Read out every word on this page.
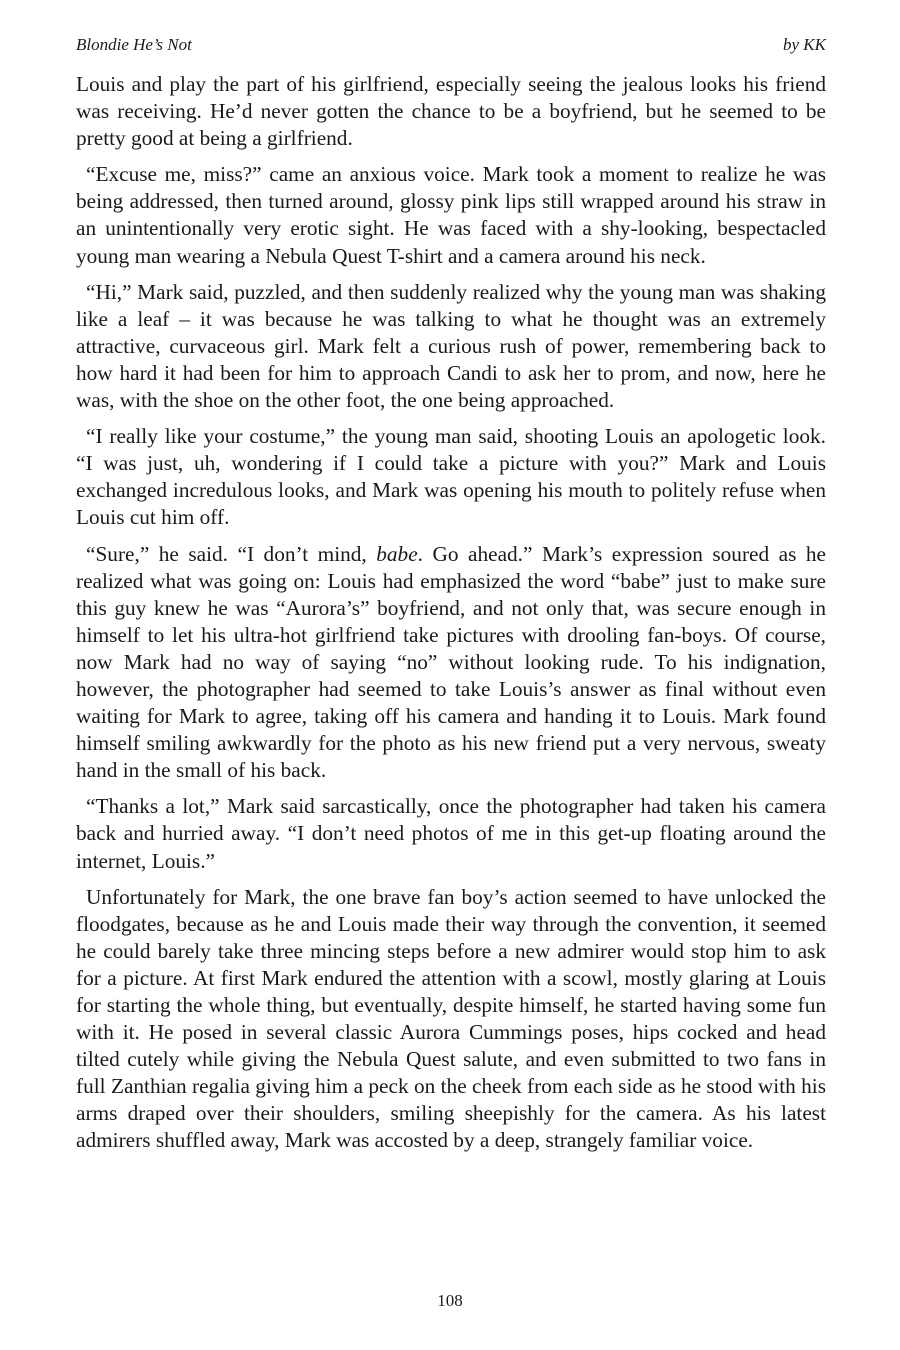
Blondie He’s Not	by KK

Louis and play the part of his girlfriend, especially seeing the jealous looks his friend was receiving. He’d never gotten the chance to be a boyfriend, but he seemed to be pretty good at being a girlfriend.

“Excuse me, miss?” came an anxious voice. Mark took a moment to realize he was being addressed, then turned around, glossy pink lips still wrapped around his straw in an unintentionally very erotic sight. He was faced with a shy-looking, bespectacled young man wearing a Nebula Quest T-shirt and a camera around his neck.

“Hi,” Mark said, puzzled, and then suddenly realized why the young man was shaking like a leaf – it was because he was talking to what he thought was an extremely attractive, curvaceous girl. Mark felt a curious rush of power, remembering back to how hard it had been for him to approach Candi to ask her to prom, and now, here he was, with the shoe on the other foot, the one being approached.

“I really like your costume,” the young man said, shooting Louis an apologetic look. “I was just, uh, wondering if I could take a picture with you?” Mark and Louis exchanged incredulous looks, and Mark was opening his mouth to politely refuse when Louis cut him off.

“Sure,” he said. “I don’t mind, babe. Go ahead.” Mark’s expression soured as he realized what was going on: Louis had emphasized the word “babe” just to make sure this guy knew he was “Aurora’s” boyfriend, and not only that, was secure enough in himself to let his ultra-hot girlfriend take pictures with drooling fan-boys. Of course, now Mark had no way of saying “no” without looking rude. To his indignation, however, the photographer had seemed to take Louis’s answer as final without even waiting for Mark to agree, taking off his camera and handing it to Louis. Mark found himself smiling awkwardly for the photo as his new friend put a very nervous, sweaty hand in the small of his back.

“Thanks a lot,” Mark said sarcastically, once the photographer had taken his camera back and hurried away. “I don’t need photos of me in this get-up floating around the internet, Louis.”

Unfortunately for Mark, the one brave fan boy’s action seemed to have unlocked the floodgates, because as he and Louis made their way through the convention, it seemed he could barely take three mincing steps before a new admirer would stop him to ask for a picture. At first Mark endured the attention with a scowl, mostly glaring at Louis for starting the whole thing, but eventually, despite himself, he started having some fun with it. He posed in several classic Aurora Cummings poses, hips cocked and head tilted cutely while giving the Nebula Quest salute, and even submitted to two fans in full Zanthian regalia giving him a peck on the cheek from each side as he stood with his arms draped over their shoulders, smiling sheepishly for the camera. As his latest admirers shuffled away, Mark was accosted by a deep, strangely familiar voice.

108
